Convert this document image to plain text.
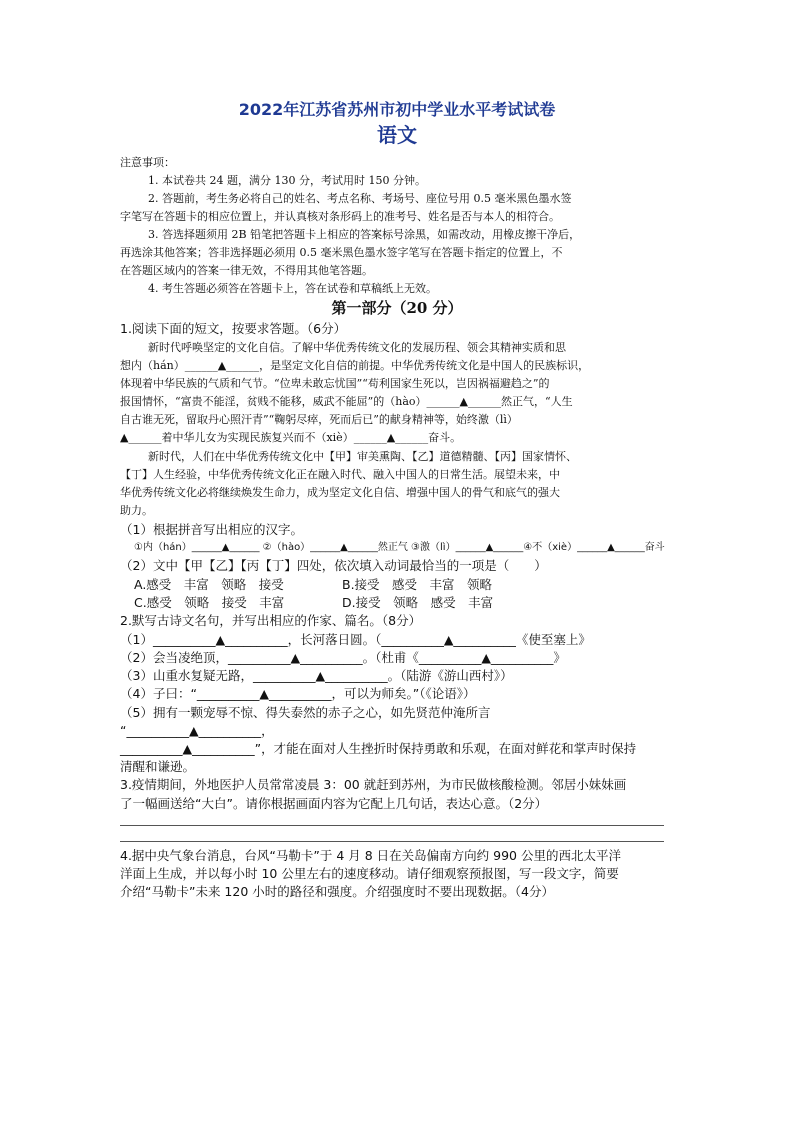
2022年江苏省苏州市初中学业水平考试试卷
语文
注意事项：
1. 本试卷共 24 题，满分 130 分，考试用时 150 分钟。
2. 答题前，考生务必将自己的姓名、考点名称、考场号、座位号用 0.5 毫米黑色墨水签
字笔写在答题卡的相应位置上，并认真核对条形码上的准考号、姓名是否与本人的相符合。
3. 答选择题须用 2B 铅笔把答题卡上相应的答案标号涂黑，如需改动，用橡皮擦干净后，
再选涂其他答案；答非选择题必须用 0.5 毫米黑色墨水签字笔写在答题卡指定的位置上，不
在答题区域内的答案一律无效，不得用其他笔答题。
4. 考生答题必须答在答题卡上，答在试卷和草稿纸上无效。
第一部分（20 分）
1.阅读下面的短文，按要求答题。（6分）
新时代呼唤坚定的文化自信。了解中华优秀传统文化的发展历程、领会其精神实质和思
想内（hán）______▲______，是坚定文化自信的前提。中华优秀传统文化是中国人的民族标识，
体现着中华民族的气质和气节。“位卑未敢忘忧国”“苟利国家生死以，岂因祸福避趋之”的
报国情怀，“富贵不能淫，贫贱不能移，威武不能屈”的（hào）______▲______然正气，“人生
自古谁无死，留取丹心照汗青”“鞠躬尽瘁，死而后已”的献身精神等，始终激（lì）
▲______着中华儿女为实现民族复兴而不（xiè）______▲______奋斗。
新时代，人们在中华优秀传统文化中【甲】审美熏陶、【乙】道德精髓、【丙】国家情怀、
【丁】人生经验，中华优秀传统文化正在融入时代、融入中国人的日常生活。展望未来，中
华优秀传统文化必将继续焕发生命力，成为坚定文化自信、增强中国人的骨气和底气的强大
助力。
（1）根据拼音写出相应的汉字。
①内（hán）______▲______ ②（hào）______▲______然正气 ③激（lì）______▲______④不（xiè）______▲______奋斗
（2）文中【甲【乙】【丙【丁】四处，依次填入动词最恰当的一项是（　　）
A.感受　丰富　领略　接受	B.接受　感受　丰富　领略
C.感受　领略　接受　丰富	D.接受　领略　感受　丰富
2.默写古诗文名句，并写出相应的作家、篇名。（8分）
（1）__________▲__________，长河落日圆。（__________▲__________《使至塞上》
（2）会当凌绝顶，__________▲__________。（杜甫《__________▲__________》
（3）山重水复疑无路，__________▲__________。（陆游《游山西村》）
（4）子曰：“__________▲__________，可以为师矣。”（《论语》）
（5）拥有一颗宠辱不惊、得失泰然的赤子之心，如先贤范仲淹所言
“__________▲__________，
__________▲__________”，才能在面对人生挫折时保持勇敢和乐观，在面对鲜花和掌声时保持
清醒和谦逊。
3.疫情期间，外地医护人员常常凌晨 3：00 就赶到苏州，为市民做核酸检测。邻居小妹妹画
了一幅画送给“大白”。请你根据画面内容为它配上几句话，表达心意。（2分）
4.据中央气象台消息，台风“马勒卡”于 4 月 8 日在关岛偏南方向约 990 公里的西北太平洋
洋面上生成，并以每小时 10 公里左右的速度移动。请仔细观察预报图，写一段文字，简要
介绍“马勒卡”未来 120 小时的路径和强度。介绍强度时不要出现数据。（4分）
